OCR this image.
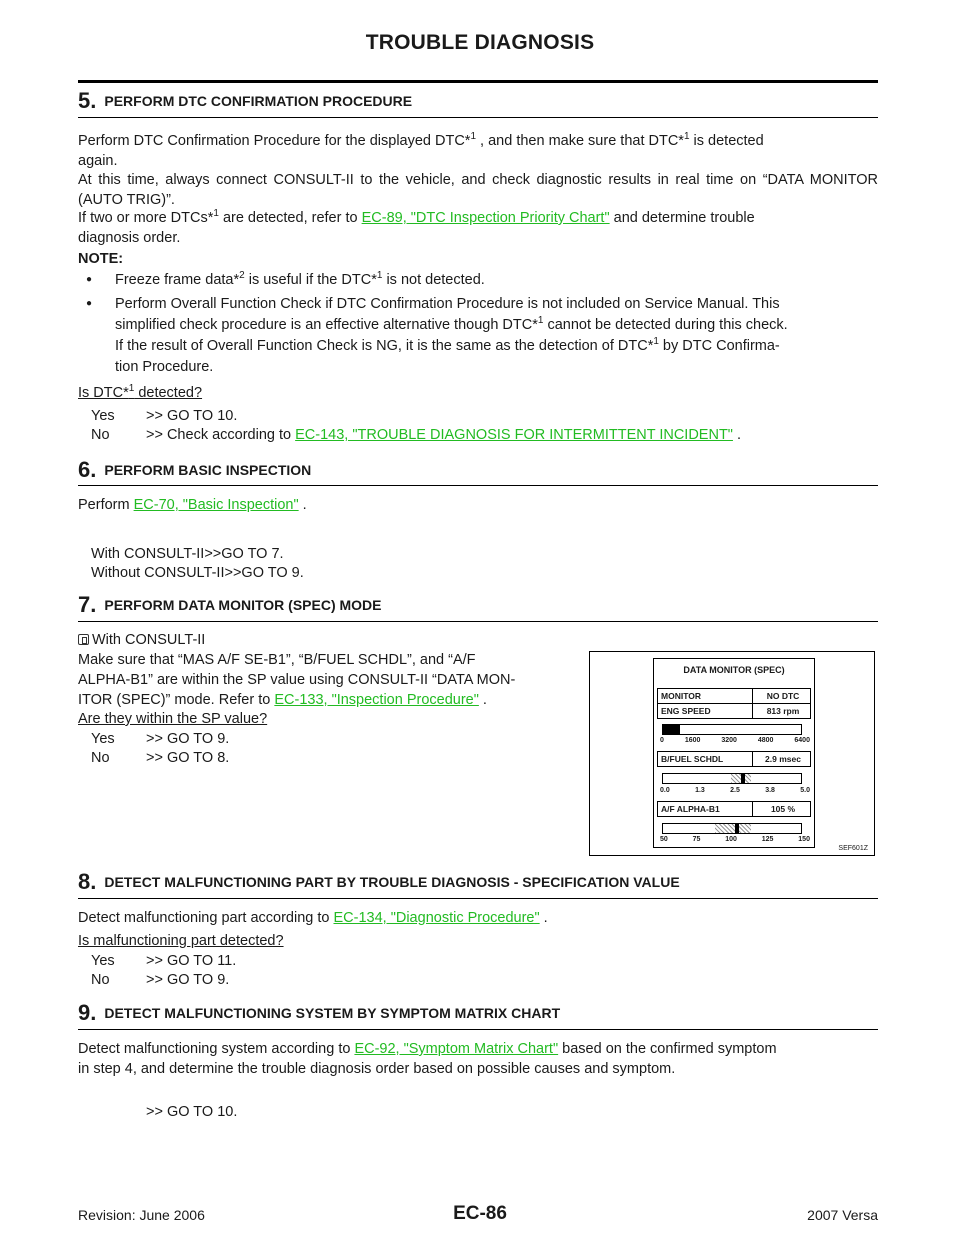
TROUBLE DIAGNOSIS
5. PERFORM DTC CONFIRMATION PROCEDURE
Perform DTC Confirmation Procedure for the displayed DTC*$^1$ , and then make sure that DTC*$^1$ is detected
again.
At this time, always connect CONSULT-II to the vehicle, and check diagnostic results in real time on “DATA MONITOR (AUTO TRIG)”.
If two or more DTCs*$^1$ are detected, refer to EC-89, "DTC Inspection Priority Chart" and determine trouble
diagnosis order.
NOTE:
● Freeze frame data*$^2$ is useful if the DTC*$^1$ is not detected.
● Perform Overall Function Check if DTC Confirmation Procedure is not included on Service Manual. This
simplified check procedure is an effective alternative though DTC*$^1$ cannot be detected during this check.
If the result of Overall Function Check is NG, it is the same as the detection of DTC*$^1$ by DTC Confirma-
tion Procedure.
Is DTC*$^1$ detected?
Yes >> GO TO 10.
No	>> Check according to EC-143, "TROUBLE DIAGNOSIS FOR INTERMITTENT INCIDENT" .
6. PERFORM BASIC INSPECTION
Perform EC-70, "Basic Inspection" .
With CONSULT-II>>GO TO 7.
Without CONSULT-II>>GO TO 9.
7. PERFORM DATA MONITOR (SPEC) MODE
With CONSULT-II
Make sure that “MAS A/F SE-B1”, “B/FUEL SCHDL”, and “A/F
ALPHA-B1” are within the SP value using CONSULT-II “DATA MON-
ITOR (SPEC)” mode. Refer to EC-133, "Inspection Procedure" .
Are they within the SP value?
Yes >> GO TO 9.
No	>> GO TO 8.
DATA MONITOR (SPEC)
MONITOR	NO DTC
ENG SPEED	813 rpm
0	1600	3200	4800	6400
B/FUEL SCHDL	2.9 msec
0.0	1.3	2.5	3.8	5.0
A/F ALPHA-B1	105 %
50	75	100	125	150
SEF601Z
8. DETECT MALFUNCTIONING PART BY TROUBLE DIAGNOSIS - SPECIFICATION VALUE
Detect malfunctioning part according to EC-134, "Diagnostic Procedure" .
Is malfunctioning part detected?
Yes >> GO TO 11.
No	>> GO TO 9.
9. DETECT MALFUNCTIONING SYSTEM BY SYMPTOM MATRIX CHART
Detect malfunctioning system according to EC-92, "Symptom Matrix Chart" based on the confirmed symptom
in step 4, and determine the trouble diagnosis order based on possible causes and symptom.
>> GO TO 10.
Revision: June 2006	EC-86	2007 Versa
